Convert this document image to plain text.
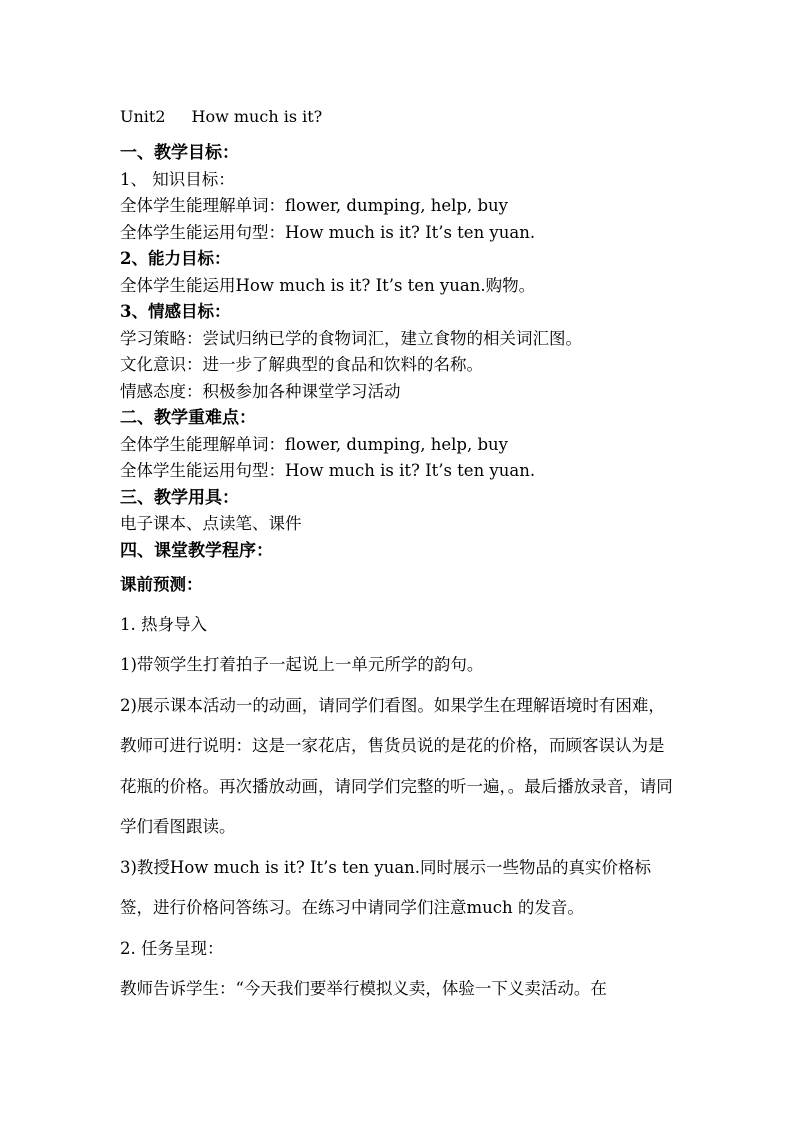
Unit2 How much is it?
一、教学目标：
1、 知识目标：
全体学生能理解单词：flower, dumping, help, buy
全体学生能运用句型：How much is it? It’s ten yuan.
2、能力目标：
全体学生能运用How much is it? It’s ten yuan.购物。
3、情感目标：
学习策略：尝试归纳已学的食物词汇，建立食物的相关词汇图。
文化意识：进一步了解典型的食品和饮料的名称。
情感态度：积极参加各种课堂学习活动
二、教学重难点：
全体学生能理解单词：flower, dumping, help, buy
全体学生能运用句型：How much is it? It’s ten yuan.
三、教学用具：
电子课本、点读笔、课件
四、课堂教学程序：
课前预测：
1. 热身导入
1)带领学生打着拍子一起说上一单元所学的韵句。
2)展示课本活动一的动画，请同学们看图。如果学生在理解语境时有困难，教师可进行说明：这是一家花店，售货员说的是花的价格，而顾客误认为是花瓶的价格。再次播放动画，请同学们完整的听一遍，。最后播放录音，请同学们看图跟读。
3)教授How much is it? It’s ten yuan.同时展示一些物品的真实价格标签，进行价格问答练习。在练习中请同学们注意much 的发音。
2. 任务呈现：
教师告诉学生：“今天我们要举行模拟义卖，体验一下义卖活动。在
